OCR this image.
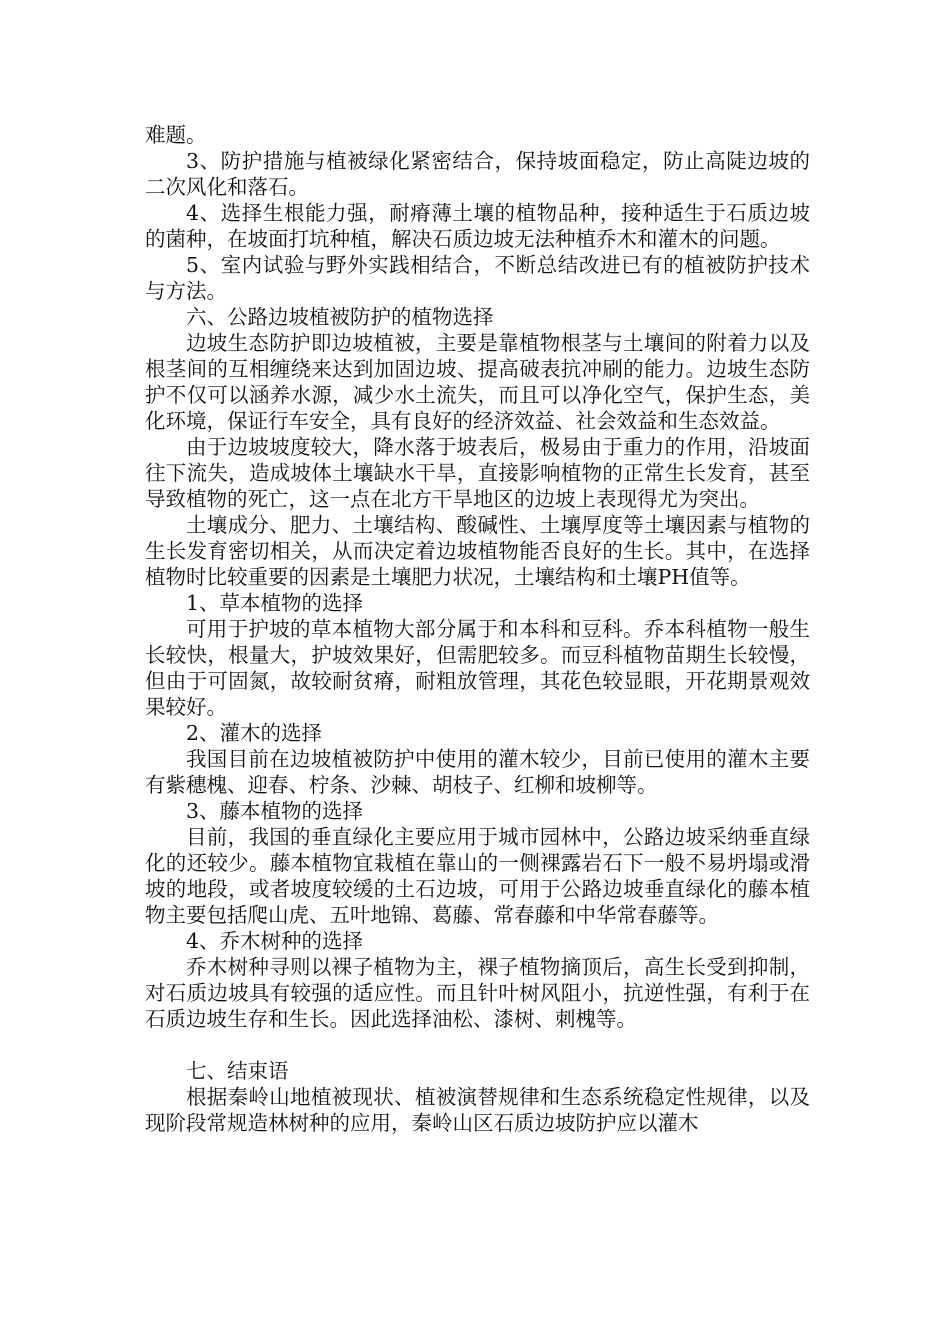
难题。

3、防护措施与植被绿化紧密结合，保持坡面稳定，防止高陡边坡的二次风化和落石。

4、选择生根能力强，耐瘠薄土壤的植物品种，接种适生于石质边坡的菌种，在坡面打坑种植，解决石质边坡无法种植乔木和灌木的问题。

5、室内试验与野外实践相结合，不断总结改进已有的植被防护技术与方法。

六、公路边坡植被防护的植物选择

边坡生态防护即边坡植被，主要是靠植物根茎与土壤间的附着力以及根茎间的互相缠绕来达到加固边坡、提高破表抗冲刷的能力。边坡生态防护不仅可以涵养水源，减少水土流失，而且可以净化空气，保护生态，美化环境，保证行车安全，具有良好的经济效益、社会效益和生态效益。

由于边坡坡度较大，降水落于坡表后，极易由于重力的作用，沿坡面往下流失，造成坡体土壤缺水干旱，直接影响植物的正常生长发育，甚至导致植物的死亡，这一点在北方干旱地区的边坡上表现得尤为突出。

土壤成分、肥力、土壤结构、酸碱性、土壤厚度等土壤因素与植物的生长发育密切相关，从而决定着边坡植物能否良好的生长。其中，在选择植物时比较重要的因素是土壤肥力状况，土壤结构和土壤PH值等。

1、草本植物的选择

可用于护坡的草本植物大部分属于和本科和豆科。乔本科植物一般生长较快，根量大，护坡效果好，但需肥较多。而豆科植物苗期生长较慢，但由于可固氮，故较耐贫瘠，耐粗放管理，其花色较显眼，开花期景观效果较好。

2、灌木的选择

我国目前在边坡植被防护中使用的灌木较少，目前已使用的灌木主要有紫穗槐、迎春、柠条、沙棘、胡枝子、红柳和坡柳等。

3、藤本植物的选择

目前，我国的垂直绿化主要应用于城市园林中，公路边坡采纳垂直绿化的还较少。藤本植物宜栽植在靠山的一侧裸露岩石下一般不易坍塌或滑坡的地段，或者坡度较缓的土石边坡，可用于公路边坡垂直绿化的藤本植物主要包括爬山虎、五叶地锦、葛藤、常春藤和中华常春藤等。

4、乔木树种的选择

乔木树种寻则以裸子植物为主，裸子植物摘顶后，高生长受到抑制，对石质边坡具有较强的适应性。而且针叶树风阻小，抗逆性强，有利于在石质边坡生存和生长。因此选择油松、漆树、刺槐等。

七、结束语

根据秦岭山地植被现状、植被演替规律和生态系统稳定性规律，以及现阶段常规造林树种的应用，秦岭山区石质边坡防护应以灌木
